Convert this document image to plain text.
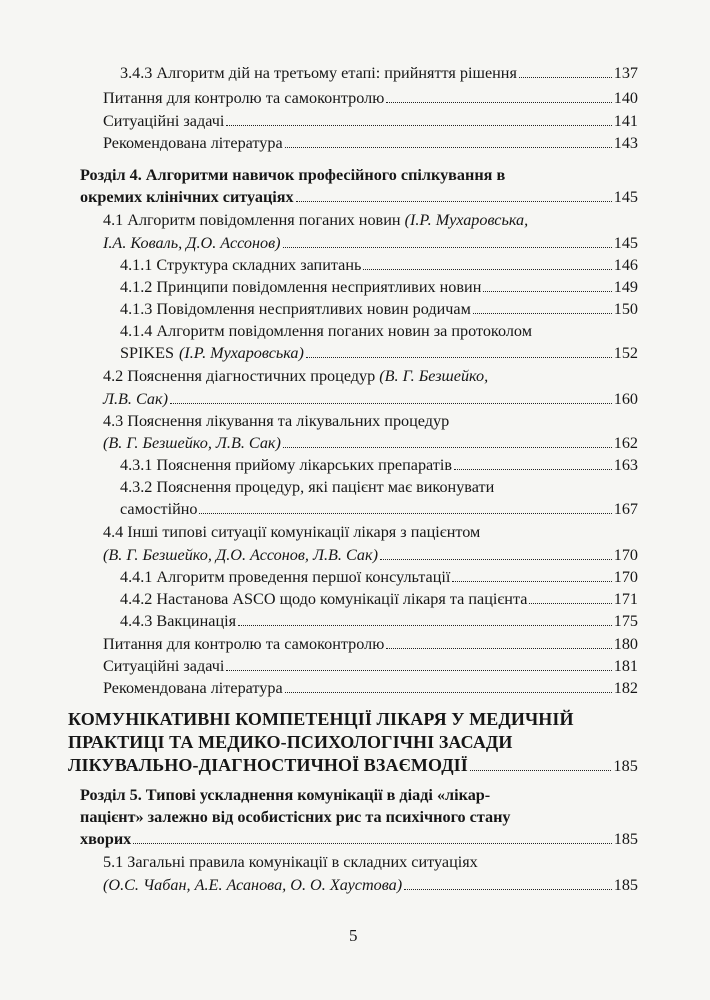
3.4.3 Алгоритм дій на третьому етапі: прийняття рішення	137
Питання для контролю та самоконтролю	140
Ситуаційні задачі	141
Рекомендована література	143
Розділ 4. Алгоритми навичок професійного спілкування в
окремих клінічних ситуаціях	145
4.1 Алгоритм повідомлення поганих новин (І.Р. Мухаровська,
І.А. Коваль, Д.О. Ассонов)	145
4.1.1 Структура складних запитань	146
4.1.2 Принципи повідомлення несприятливих новин	149
4.1.3 Повідомлення несприятливих новин родичам	150
4.1.4 Алгоритм повідомлення поганих новин за протоколом
SPIKES (І.Р. Мухаровська)	152
4.2 Пояснення діагностичних процедур (В. Г. Безшейко,
Л.В. Сак)	160
4.3 Пояснення лікування та лікувальних процедур
(В. Г. Безшейко, Л.В. Сак)	162
4.3.1 Пояснення прийому лікарських препаратів	163
4.3.2 Пояснення процедур, які пацієнт має виконувати
самостійно	167
4.4 Інші типові ситуації комунікації лікаря з пацієнтом
(В. Г. Безшейко, Д.О. Ассонов, Л.В. Сак)	170
4.4.1 Алгоритм проведення першої консультації	170
4.4.2 Настанова ASCO щодо комунікації лікаря та пацієнта	171
4.4.3 Вакцинація	175
Питання для контролю та самоконтролю	180
Ситуаційні задачі	181
Рекомендована література	182
КОМУНІКАТИВНІ КОМПЕТЕНЦІЇ ЛІКАРЯ У МЕДИЧНІЙ
ПРАКТИЦІ ТА МЕДИКО-ПСИХОЛОГІЧНІ ЗАСАДИ
ЛІКУВАЛЬНО-ДІАГНОСТИЧНОЇ ВЗАЄМОДІЇ	185
Розділ 5. Типові ускладнення комунікації в діаді «лікар-
пацієнт» залежно від особистісних рис та психічного стану
хворих	185
5.1 Загальні правила комунікації в складних ситуаціях
(О.С. Чабан, А.Е. Асанова, О. О. Хаустова)	185
5
